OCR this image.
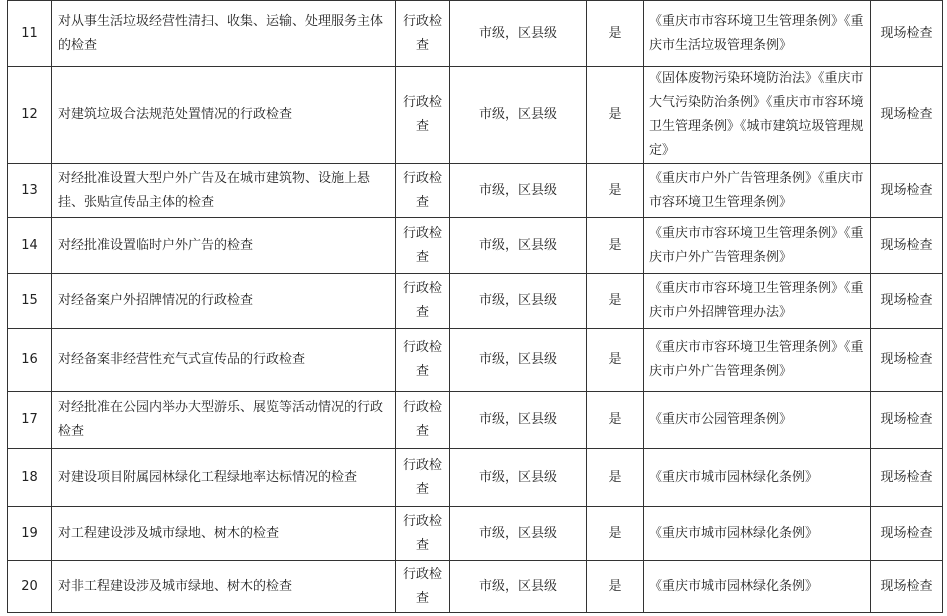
11	对从事生活垃圾经营性清扫、收集、运输、处理服务主体的检查	行政检查	市级，区县级	是	《重庆市市容环境卫生管理条例》《重庆市生活垃圾管理条例》	现场检查
12	对建筑垃圾合法规范处置情况的行政检查	行政检查	市级，区县级	是	《固体废物污染环境防治法》《重庆市大气污染防治条例》《重庆市市容环境卫生管理条例》《城市建筑垃圾管理规定》	现场检查
13	对经批准设置大型户外广告及在城市建筑物、设施上悬挂、张贴宣传品主体的检查	行政检查	市级，区县级	是	《重庆市户外广告管理条例》《重庆市市容环境卫生管理条例》	现场检查
14	对经批准设置临时户外广告的检查	行政检查	市级，区县级	是	《重庆市市容环境卫生管理条例》《重庆市户外广告管理条例》	现场检查
15	对经备案户外招牌情况的行政检查	行政检查	市级，区县级	是	《重庆市市容环境卫生管理条例》《重庆市户外招牌管理办法》	现场检查
16	对经备案非经营性充气式宣传品的行政检查	行政检查	市级，区县级	是	《重庆市市容环境卫生管理条例》《重庆市户外广告管理条例》	现场检查
17	对经批准在公园内举办大型游乐、展览等活动情况的行政检查	行政检查	市级，区县级	是	《重庆市公园管理条例》	现场检查
18	对建设项目附属园林绿化工程绿地率达标情况的检查	行政检查	市级，区县级	是	《重庆市城市园林绿化条例》	现场检查
19	对工程建设涉及城市绿地、树木的检查	行政检查	市级，区县级	是	《重庆市城市园林绿化条例》	现场检查
20	对非工程建设涉及城市绿地、树木的检查	行政检查	市级，区县级	是	《重庆市城市园林绿化条例》	现场检查
